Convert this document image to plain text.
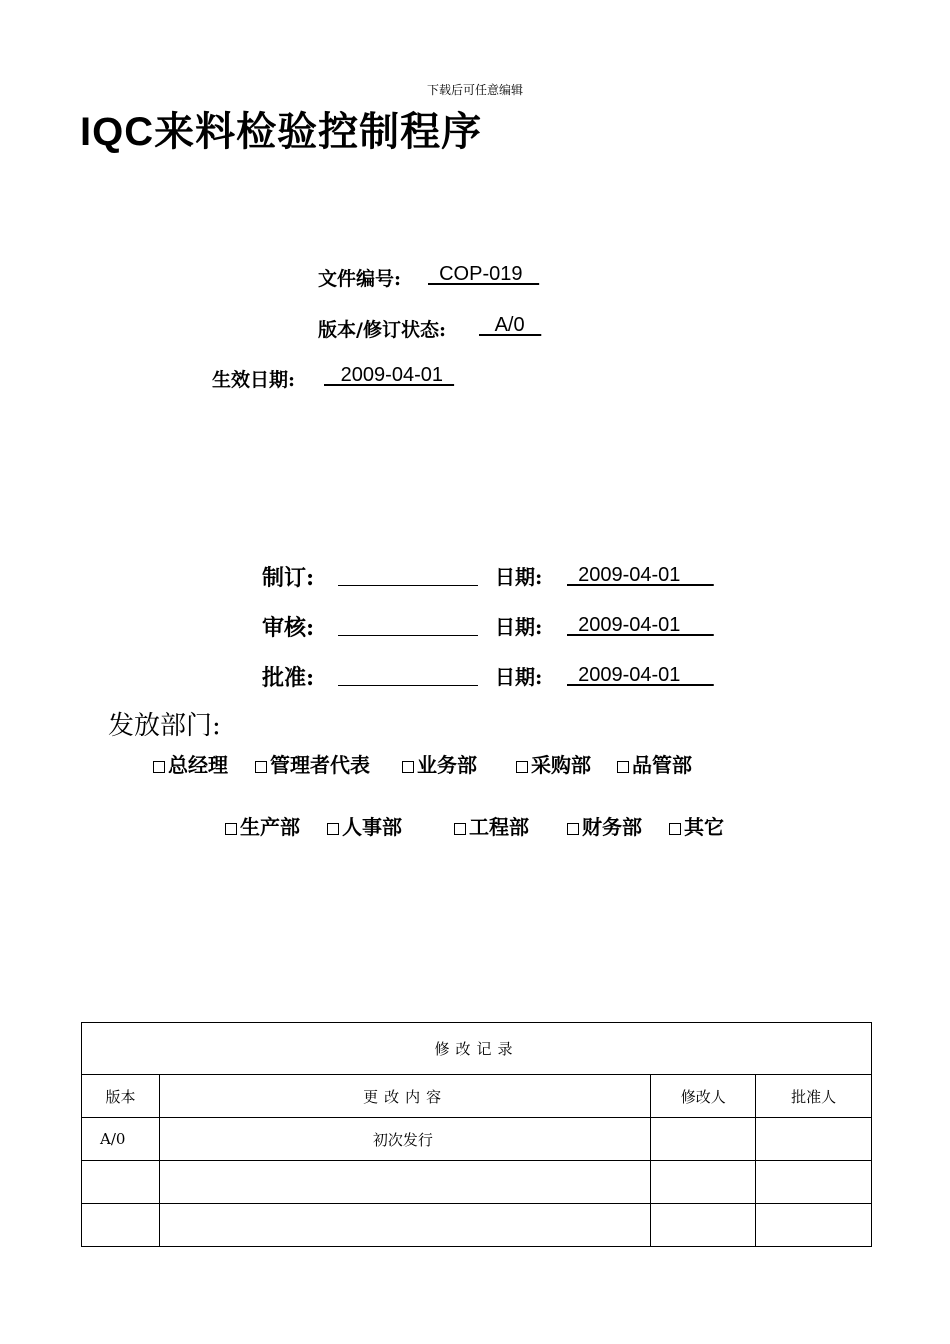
下载后可任意编辑
IQC来料检验控制程序
文件编号: COP-019
版本/修订状态: A/0
生效日期: 2009-04-01
制订:	日期: 2009-04-01
审核:	日期: 2009-04-01
批准:	日期: 2009-04-01
发放部门:
总经理	管理者代表	业务部	采购部	品管部
生产部	人事部	工程部	财务部	其它
修改记录			
版本	更改内容	修改人	批准人
A/0	初次发行		
